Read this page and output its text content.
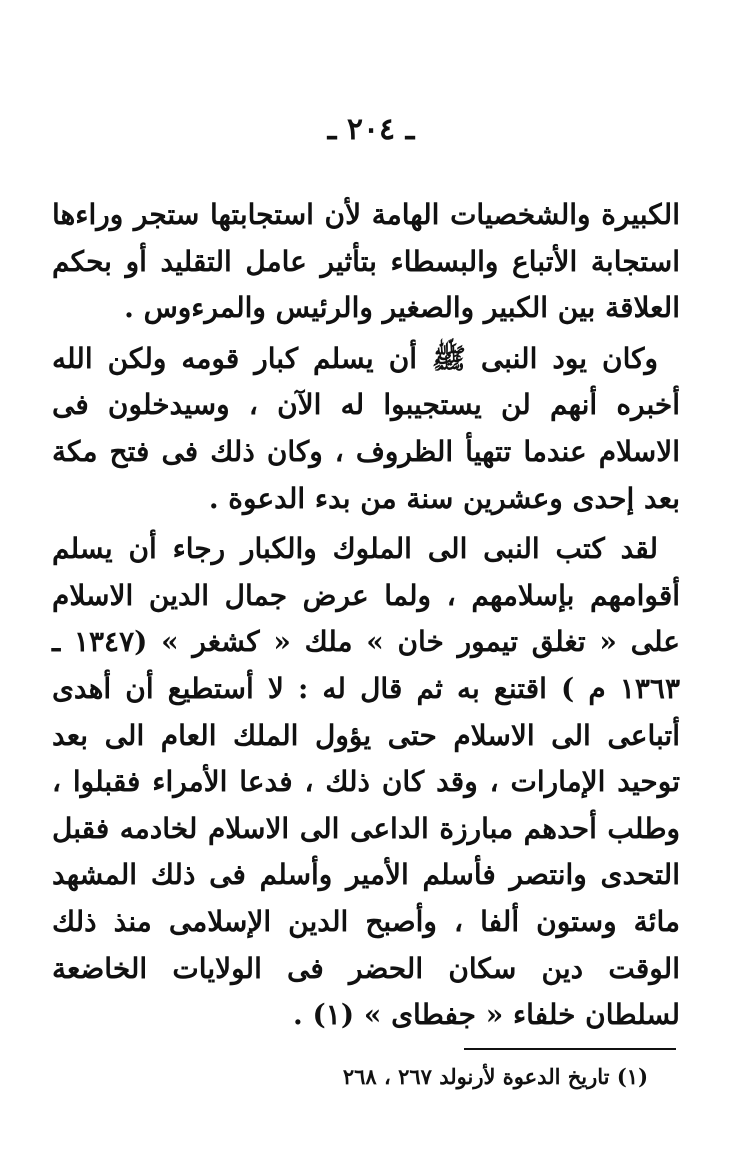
ـ ٢٠٤ ـ

الكبيرة والشخصيات الهامة لأن استجابتها ستجر وراءها استجابة الأتباع والبسطاء بتأثير عامل التقليد أو بحكم العلاقة بين الكبير والصغير والرئيس والمرءوس .

وكان يود النبى ﷺ أن يسلم كبار قومه ولكن الله أخبره أنهم لن يستجيبوا له الآن ، وسيدخلون فى الاسلام عندما تتهيأ الظروف ، وكان ذلك فى فتح مكة بعد إحدى وعشرين سنة من بدء الدعوة .

لقد كتب النبى الى الملوك والكبار رجاء أن يسلم أقوامهم بإسلامهم ، ولما عرض جمال الدين الاسلام على « تغلق تيمور خان » ملك « كشغر » (١٣٤٧ ـ ١٣٦٣ م ) اقتنع به ثم قال له : لا أستطيع أن أهدى أتباعى الى الاسلام حتى يؤول الملك العام الى بعد توحيد الإمارات ، وقد كان ذلك ، فدعا الأمراء فقبلوا ، وطلب أحدهم مبارزة الداعى الى الاسلام لخادمه فقبل التحدى وانتصر فأسلم الأمير وأسلم فى ذلك المشهد مائة وستون ألفا ، وأصبح الدين الإسلامى منذ ذلك الوقت دين سكان الحضر فى الولايات الخاضعة لسلطان خلفاء « جفطاى » (١) .

(١) تاريخ الدعوة لأرنولد ٢٦٧ ، ٢٦٨
